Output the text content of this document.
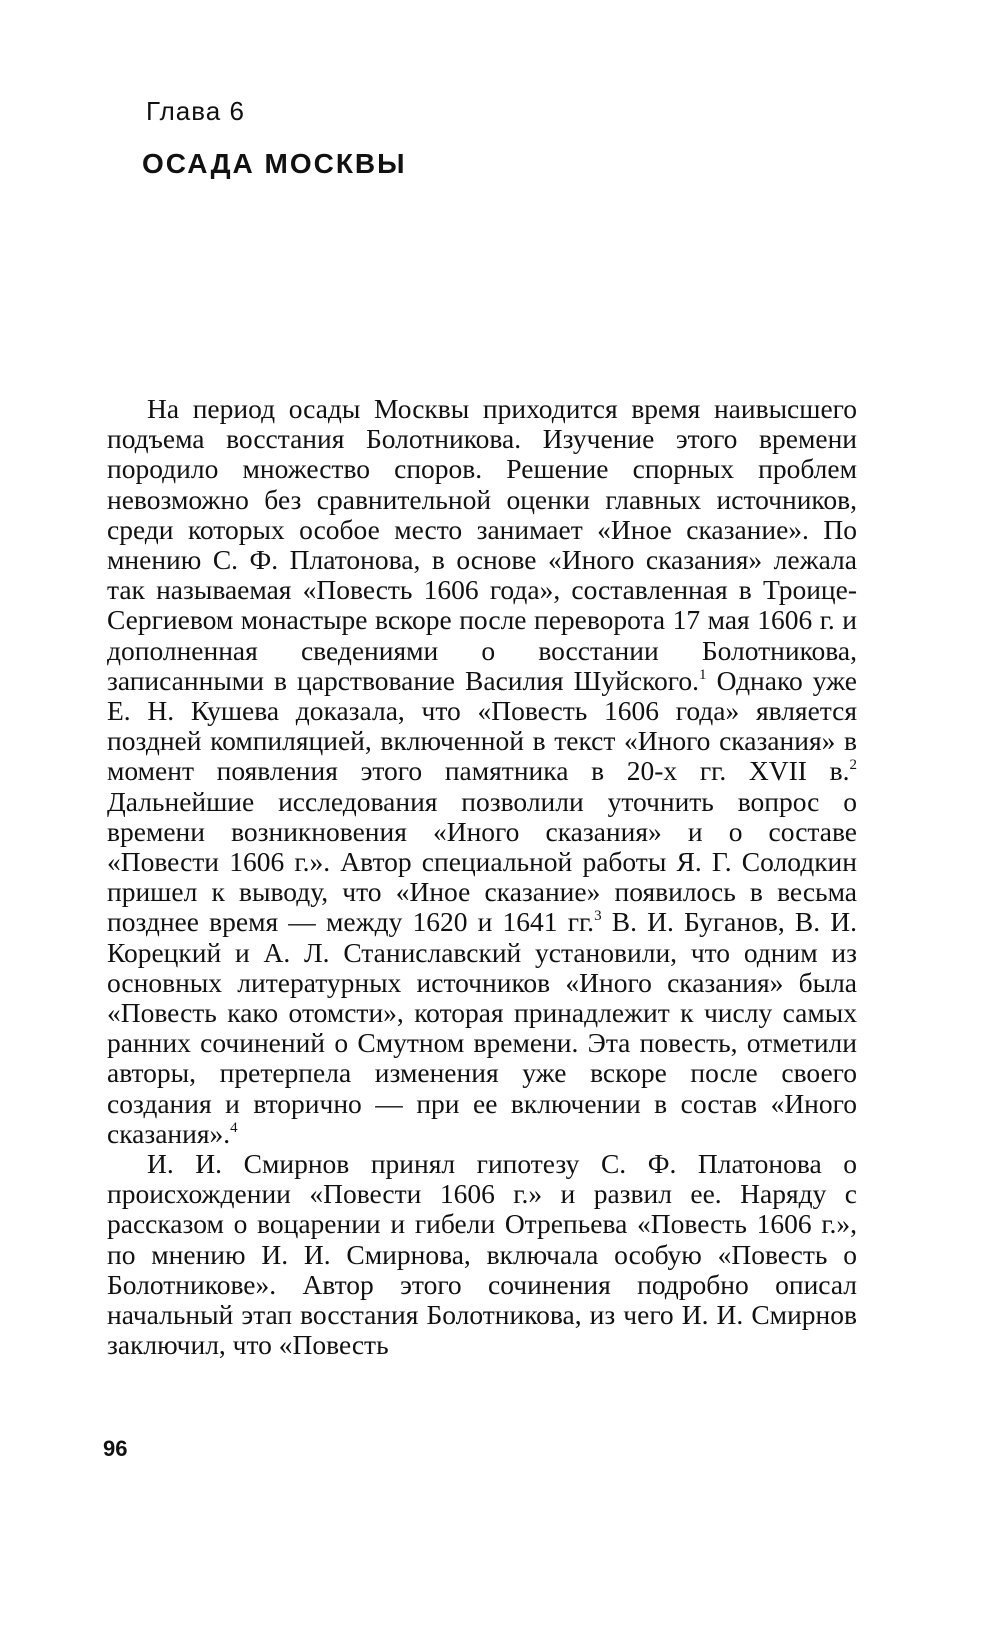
Глава 6
ОСАДА МОСКВЫ

На период осады Москвы приходится время наивысшего подъема восстания Болотникова. Изучение этого времени породило множество споров. Решение спорных проблем невозможно без сравнительной оценки главных источников, среди которых особое место занимает «Иное сказание». По мнению С. Ф. Платонова, в основе «Иного сказания» лежала так называемая «Повесть 1606 года», составленная в Троице-Сергиевом монастыре вскоре после переворота 17 мая 1606 г. и дополненная сведениями о восстании Болотникова, записанными в царствование Василия Шуйского.$^1$ Однако уже Е. Н. Кушева доказала, что «Повесть 1606 года» является поздней компиляцией, включенной в текст «Иного сказания» в момент появления этого памятника в 20-х гг. XVII в.$^2$ Дальнейшие исследования позволили уточнить вопрос о времени возникновения «Иного сказания» и о составе «Повести 1606 г.». Автор специальной работы Я. Г. Солодкин пришел к выводу, что «Иное сказание» появилось в весьма позднее время — между 1620 и 1641 гг.$^3$ В. И. Буганов, В. И. Корецкий и А. Л. Станиславский установили, что одним из основных литературных источников «Иного сказания» была «Повесть како отомсти», которая принадлежит к числу самых ранних сочинений о Смутном времени. Эта повесть, отметили авторы, претерпела изменения уже вскоре после своего создания и вторично — при ее включении в состав «Иного сказания».$^4$

И. И. Смирнов принял гипотезу С. Ф. Платонова о происхождении «Повести 1606 г.» и развил ее. Наряду с рассказом о воцарении и гибели Отрепьева «Повесть 1606 г.», по мнению И. И. Смирнова, включала особую «Повесть о Болотникове». Автор этого сочинения подробно описал начальный этап восстания Болотникова, из чего И. И. Смирнов заключил, что «Повесть

96
